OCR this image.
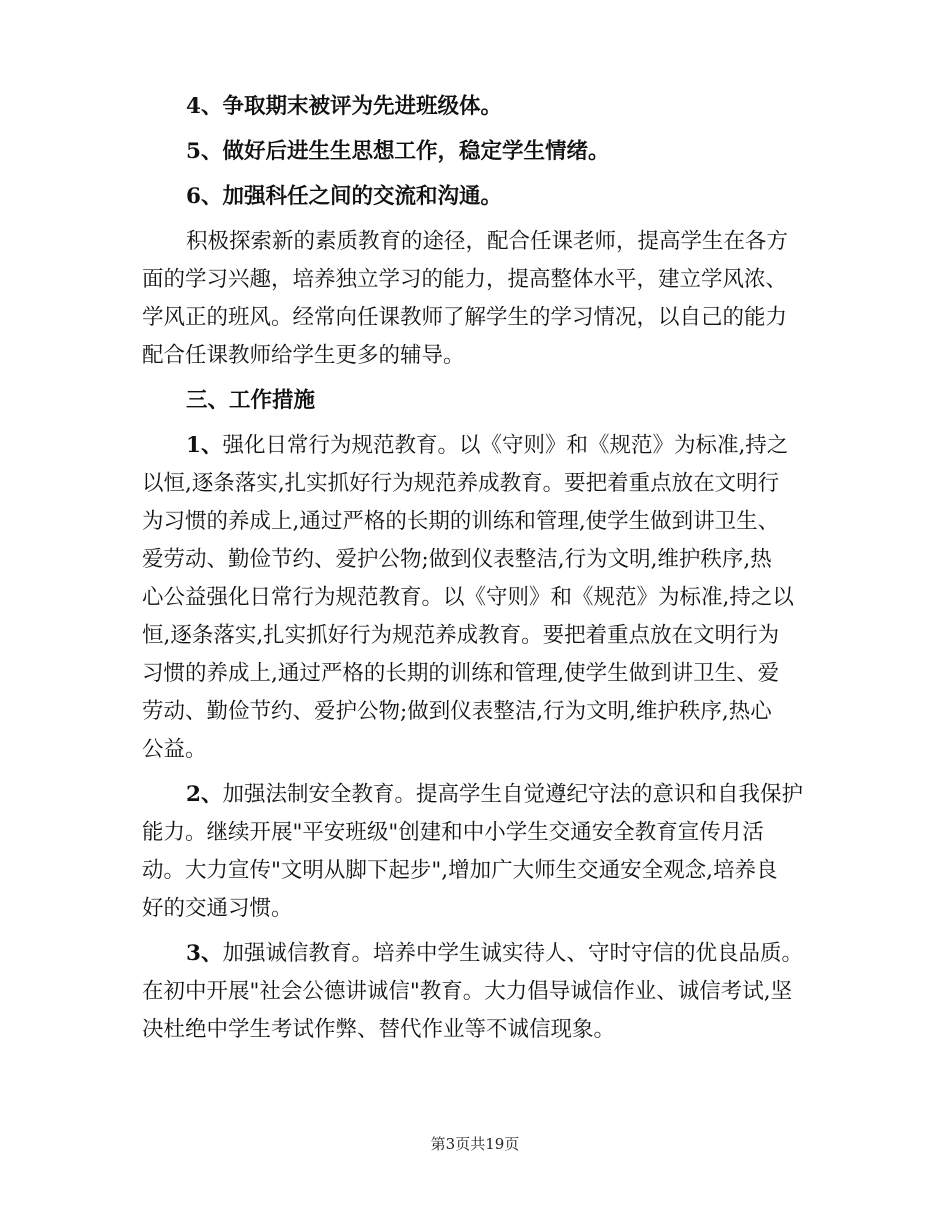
4、争取期末被评为先进班级体。
5、做好后进生生思想工作，稳定学生情绪。
6、加强科任之间的交流和沟通。
积极探索新的素质教育的途径，配合任课老师，提高学生在各方
面的学习兴趣，培养独立学习的能力，提高整体水平，建立学风浓、
学风正的班风。经常向任课教师了解学生的学习情况，以自己的能力
配合任课教师给学生更多的辅导。
三、工作措施
1、强化日常行为规范教育。以《守则》和《规范》为标准,持之
以恒,逐条落实,扎实抓好行为规范养成教育。要把着重点放在文明行
为习惯的养成上,通过严格的长期的训练和管理,使学生做到讲卫生、
爱劳动、勤俭节约、爱护公物;做到仪表整洁,行为文明,维护秩序,热
心公益强化日常行为规范教育。以《守则》和《规范》为标准,持之以
恒,逐条落实,扎实抓好行为规范养成教育。要把着重点放在文明行为
习惯的养成上,通过严格的长期的训练和管理,使学生做到讲卫生、爱
劳动、勤俭节约、爱护公物;做到仪表整洁,行为文明,维护秩序,热心
公益。
2、加强法制安全教育。提高学生自觉遵纪守法的意识和自我保护
能力。继续开展"平安班级"创建和中小学生交通安全教育宣传月活
动。大力宣传"文明从脚下起步",增加广大师生交通安全观念,培养良
好的交通习惯。
3、加强诚信教育。培养中学生诚实待人、守时守信的优良品质。
在初中开展"社会公德讲诚信"教育。大力倡导诚信作业、诚信考试,坚
决杜绝中学生考试作弊、替代作业等不诚信现象。
第3页共19页
